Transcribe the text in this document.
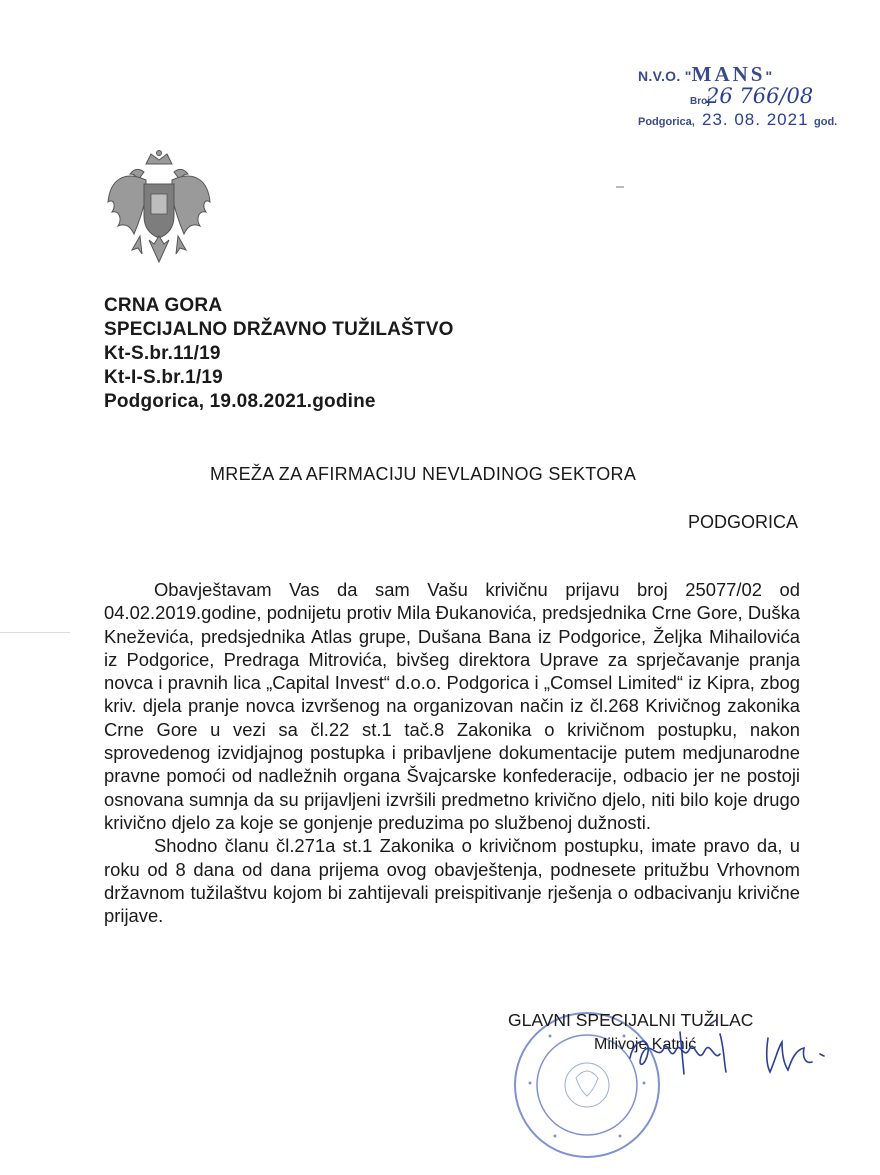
N.V.O. "MANS"
Broj
26 766/08
Podgorica, 23. 08. 2021 god.
CRNA GORA
SPECIJALNO DRŽAVNO TUŽILAŠTVO
Kt-S.br.11/19
Kt-I-S.br.1/19
Podgorica, 19.08.2021.godine
MREŽA ZA AFIRMACIJU NEVLADINOG SEKTORA
PODGORICA

Obavještavam Vas da sam Vašu krivičnu prijavu broj 25077/02 od 04.02.2019.godine, podnijetu protiv Mila Đukanovića, predsjednika Crne Gore, Duška Kneževića, predsjednika Atlas grupe, Dušana Bana iz Podgorice, Željka Mihailovića iz Podgorice, Predraga Mitrovića, bivšeg direktora Uprave za sprječavanje pranja novca i pravnih lica „Capital Invest“ d.o.o. Podgorica i „Comsel Limited“ iz Kipra, zbog kriv. djela pranje novca izvršenog na organizovan način iz čl.268 Krivičnog zakonika Crne Gore u vezi sa čl.22 st.1 tač.8 Zakonika o krivičnom postupku, nakon sprovedenog izvidjajnog postupka i pribavljene dokumentacije putem medjunarodne pravne pomoći od nadležnih organa Švajcarske konfederacije, odbacio jer ne postoji osnovana sumnja da su prijavljeni izvršili predmetno krivično djelo, niti bilo koje drugo krivično djelo za koje se gonjenje preduzima po službenoj dužnosti.

Shodno članu čl.271a st.1 Zakonika o krivičnom postupku, imate pravo da, u roku od 8 dana od dana prijema ovog obavještenja, podnesete pritužbu Vrhovnom državnom tužilaštvu kojom bi zahtijevali preispitivanje rješenja o odbacivanju krivične prijave.

GLAVNI SPECIJALNI TUŽILAC
Milivoje Katnić
